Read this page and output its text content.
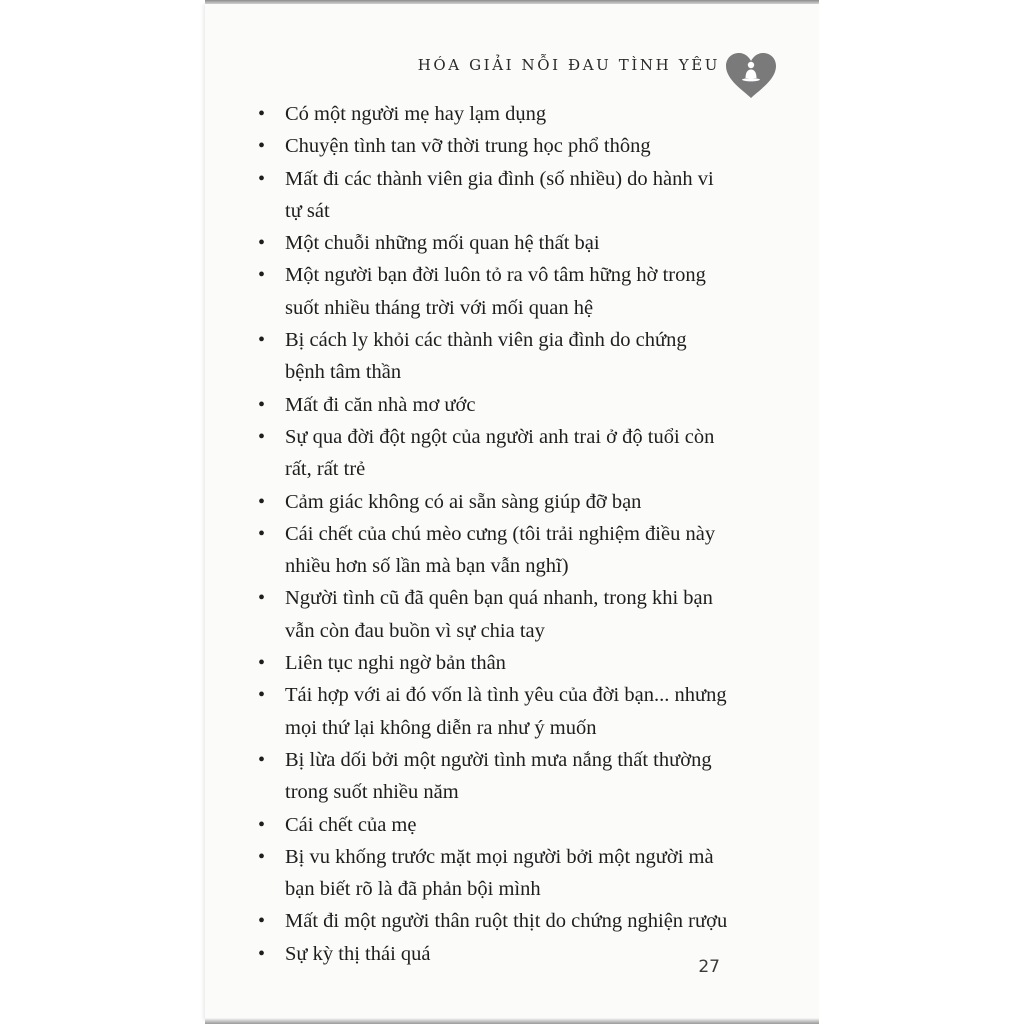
HÓA GIẢI NỖI ĐAU TÌNH YÊU
• Có một người mẹ hay lạm dụng
• Chuyện tình tan vỡ thời trung học phổ thông
• Mất đi các thành viên gia đình (số nhiều) do hành vi tự sát
• Một chuỗi những mối quan hệ thất bại
• Một người bạn đời luôn tỏ ra vô tâm hững hờ trong suốt nhiều tháng trời với mối quan hệ
• Bị cách ly khỏi các thành viên gia đình do chứng bệnh tâm thần
• Mất đi căn nhà mơ ước
• Sự qua đời đột ngột của người anh trai ở độ tuổi còn rất, rất trẻ
• Cảm giác không có ai sẵn sàng giúp đỡ bạn
• Cái chết của chú mèo cưng (tôi trải nghiệm điều này nhiều hơn số lần mà bạn vẫn nghĩ)
• Người tình cũ đã quên bạn quá nhanh, trong khi bạn vẫn còn đau buồn vì sự chia tay
• Liên tục nghi ngờ bản thân
• Tái hợp với ai đó vốn là tình yêu của đời bạn... nhưng mọi thứ lại không diễn ra như ý muốn
• Bị lừa dối bởi một người tình mưa nắng thất thường trong suốt nhiều năm
• Cái chết của mẹ
• Bị vu khống trước mặt mọi người bởi một người mà bạn biết rõ là đã phản bội mình
• Mất đi một người thân ruột thịt do chứng nghiện rượu
• Sự kỳ thị thái quá
27
